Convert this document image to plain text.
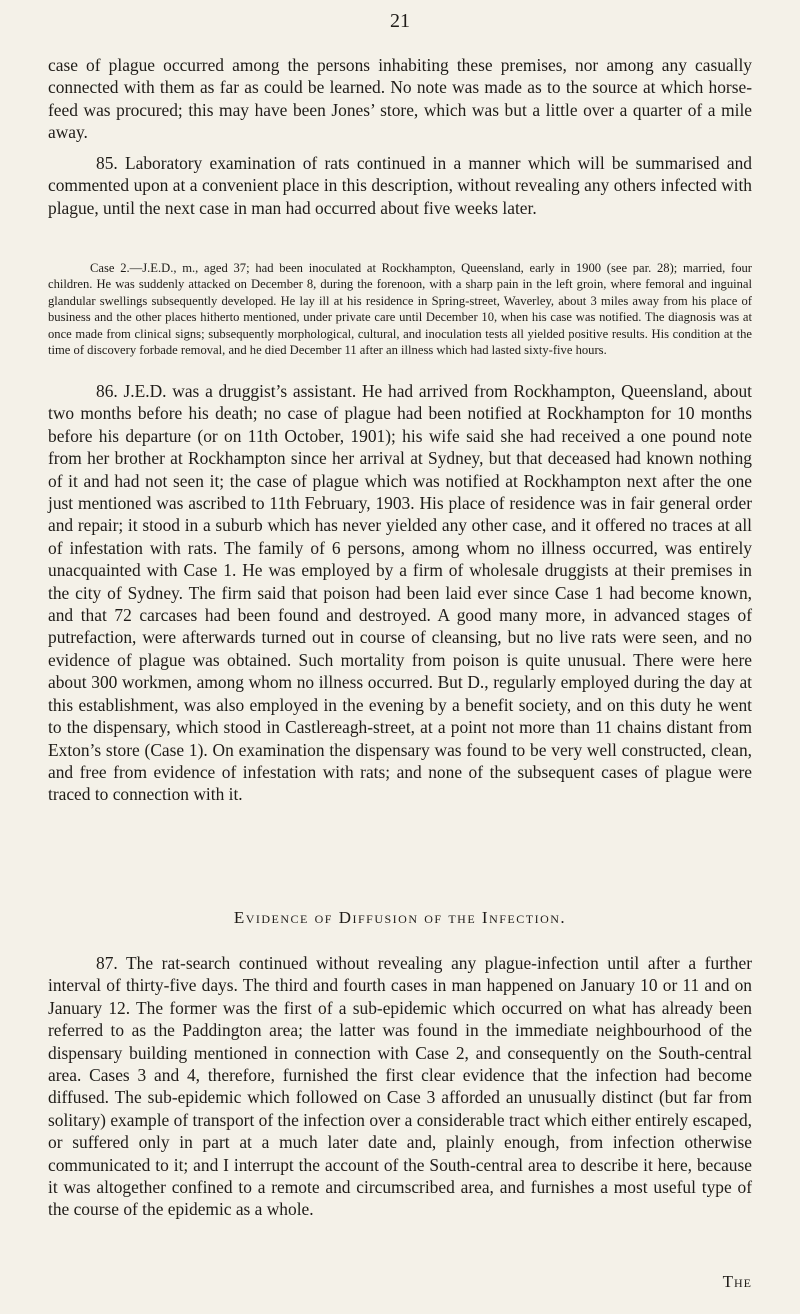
21

case of plague occurred among the persons inhabiting these premises, nor among any casually connected with them as far as could be learned. No note was made as to the source at which horse-feed was procured; this may have been Jones’ store, which was but a little over a quarter of a mile away.

85. Laboratory examination of rats continued in a manner which will be summarised and commented upon at a convenient place in this description, without revealing any others infected with plague, until the next case in man had occurred about five weeks later.

Case 2.—J.E.D., m., aged 37; had been inoculated at Rockhampton, Queensland, early in 1900 (see par. 28); married, four children. He was suddenly attacked on December 8, during the forenoon, with a sharp pain in the left groin, where femoral and inguinal glandular swellings subsequently developed. He lay ill at his residence in Spring-street, Waverley, about 3 miles away from his place of business and the other places hitherto mentioned, under private care until December 10, when his case was notified. The diagnosis was at once made from clinical signs; subsequently morphological, cultural, and inoculation tests all yielded positive results. His condition at the time of discovery forbade removal, and he died December 11 after an illness which had lasted sixty-five hours.

86. J.E.D. was a druggist’s assistant. He had arrived from Rockhampton, Queensland, about two months before his death; no case of plague had been notified at Rockhampton for 10 months before his departure (or on 11th October, 1901); his wife said she had received a one pound note from her brother at Rockhampton since her arrival at Sydney, but that deceased had known nothing of it and had not seen it; the case of plague which was notified at Rockhampton next after the one just mentioned was ascribed to 11th February, 1903. His place of residence was in fair general order and repair; it stood in a suburb which has never yielded any other case, and it offered no traces at all of infestation with rats. The family of 6 persons, among whom no illness occurred, was entirely unacquainted with Case 1. He was employed by a firm of wholesale druggists at their premises in the city of Sydney. The firm said that poison had been laid ever since Case 1 had become known, and that 72 carcases had been found and destroyed. A good many more, in advanced stages of putrefaction, were afterwards turned out in course of cleansing, but no live rats were seen, and no evidence of plague was obtained. Such mortality from poison is quite unusual. There were here about 300 workmen, among whom no illness occurred. But D., regularly employed during the day at this establishment, was also employed in the evening by a benefit society, and on this duty he went to the dispensary, which stood in Castlereagh-street, at a point not more than 11 chains distant from Exton’s store (Case 1). On examination the dispensary was found to be very well constructed, clean, and free from evidence of infestation with rats; and none of the subsequent cases of plague were traced to connection with it.

Evidence of Diffusion of the Infection.

87. The rat-search continued without revealing any plague-infection until after a further interval of thirty-five days. The third and fourth cases in man happened on January 10 or 11 and on January 12. The former was the first of a sub-epidemic which occurred on what has already been referred to as the Paddington area; the latter was found in the immediate neighbourhood of the dispensary building mentioned in connection with Case 2, and consequently on the South-central area. Cases 3 and 4, therefore, furnished the first clear evidence that the infection had become diffused. The sub-epidemic which followed on Case 3 afforded an unusually distinct (but far from solitary) example of transport of the infection over a considerable tract which either entirely escaped, or suffered only in part at a much later date and, plainly enough, from infection otherwise communicated to it; and I interrupt the account of the South-central area to describe it here, because it was altogether confined to a remote and circumscribed area, and furnishes a most useful type of the course of the epidemic as a whole.

The
